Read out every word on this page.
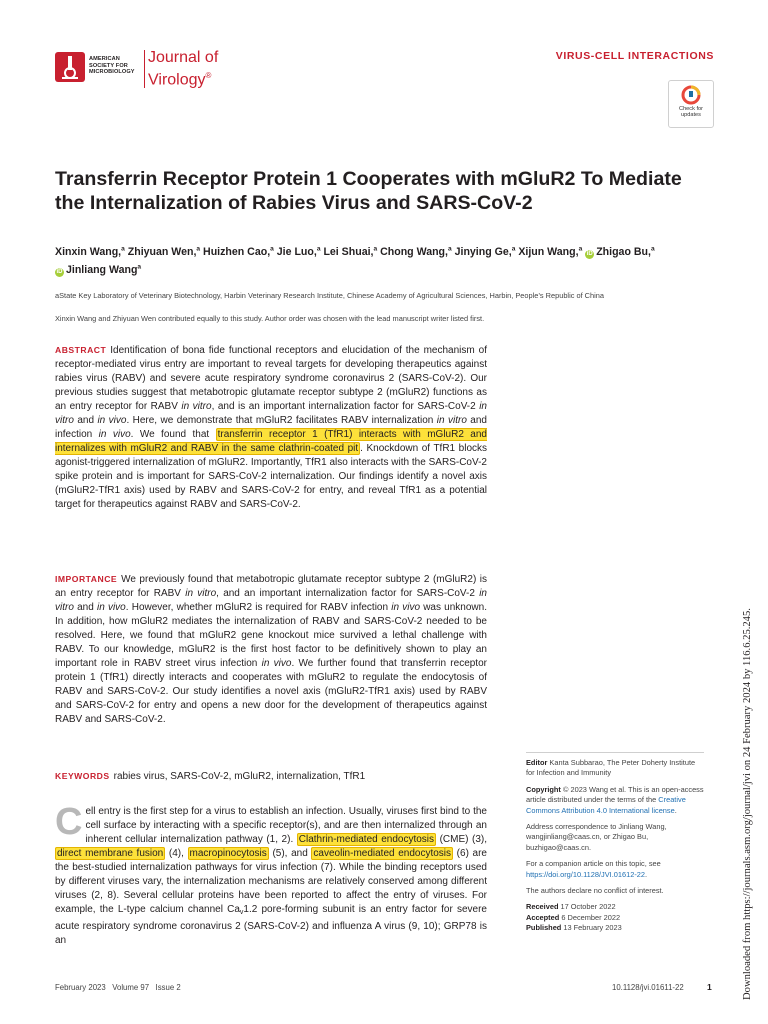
AMERICAN
SOCIETY FOR
MICROBIOLOGY
Journal of
Virology®
VIRUS-CELL INTERACTIONS
Check for
updates
Transferrin Receptor Protein 1 Cooperates with mGluR2 To Mediate the Internalization of Rabies Virus and SARS-CoV-2
Xinxin Wang,$^a$ Zhiyuan Wen,$^a$ Huizhen Cao,$^a$ Jie Luo,$^a$ Lei Shuai,$^a$ Chong Wang,$^a$ Jinying Ge,$^a$ Xijun Wang,$^a$ iD Zhigao Bu,$^a$
iD Jinliang Wang$^a$
aState Key Laboratory of Veterinary Biotechnology, Harbin Veterinary Research Institute, Chinese Academy of Agricultural Sciences, Harbin, People’s Republic of China
Xinxin Wang and Zhiyuan Wen contributed equally to this study. Author order was chosen with the lead manuscript writer listed first.
ABSTRACT Identification of bona fide functional receptors and elucidation of the mechanism of receptor-mediated virus entry are important to reveal targets for developing therapeutics against rabies virus (RABV) and severe acute respiratory syndrome coronavirus 2 (SARS-CoV-2). Our previous studies suggest that metabotropic glutamate receptor subtype 2 (mGluR2) functions as an entry receptor for RABV in vitro, and is an important internalization factor for SARS-CoV-2 in vitro and in vivo. Here, we demonstrate that mGluR2 facilitates RABV internalization in vitro and infection in vivo. We found that transferrin receptor 1 (TfR1) interacts with mGluR2 and internalizes with mGluR2 and RABV in the same clathrin-coated pit . Knockdown of TfR1 blocks agonist-triggered internalization of mGluR2. Importantly, TfR1 also interacts with the SARS-CoV-2 spike protein and is important for SARS-CoV-2 internalization. Our findings identify a novel axis (mGluR2-TfR1 axis) used by RABV and SARS-CoV-2 for entry, and reveal TfR1 as a potential target for therapeutics against RABV and SARS-CoV-2.
IMPORTANCE We previously found that metabotropic glutamate receptor subtype 2 (mGluR2) is an entry receptor for RABV in vitro, and an important internalization factor for SARS-CoV-2 in vitro and in vivo. However, whether mGluR2 is required for RABV infection in vivo was unknown. In addition, how mGluR2 mediates the internalization of RABV and SARS-CoV-2 needed to be resolved. Here, we found that mGluR2 gene knockout mice survived a lethal challenge with RABV. To our knowledge, mGluR2 is the first host factor to be definitively shown to play an important role in RABV street virus infection in vivo. We further found that transferrin receptor protein 1 (TfR1) directly interacts and cooperates with mGluR2 to regulate the endocytosis of RABV and SARS-CoV-2. Our study identifies a novel axis (mGluR2-TfR1 axis) used by RABV and SARS-CoV-2 for entry and opens a new door for the development of therapeutics against RABV and SARS-CoV-2.
KEYWORDS rabies virus, SARS-CoV-2, mGluR2, internalization, TfR1
Cell entry is the first step for a virus to establish an infection. Usually, viruses first bind to the cell surface by interacting with a specific receptor(s), and are then internalized through an inherent cellular internalization pathway (1, 2). Clathrin-mediated endocytosis (CME) (3), direct membrane fusion (4), macropinocytosis (5), and caveolin-mediated endocytosis (6) are the best-studied internalization pathways for virus infection (7). While the binding receptors used by different viruses vary, the internalization mechanisms are relatively conserved among different viruses (2, 8). Several cellular proteins have been reported to affect the entry of viruses. For example, the L-type calcium channel $Ca_v1.2$ pore-forming subunit is an entry factor for severe acute respiratory syndrome coronavirus 2 (SARS-CoV-2) and influenza A virus (9, 10); GRP78 is an

Editor Kanta Subbarao, The Peter Doherty Institute for Infection and Immunity

Copyright © 2023 Wang et al. This is an open-access article distributed under the terms of the Creative Commons Attribution 4.0 International license.

Address correspondence to Jinliang Wang, wangjinliang@caas.cn, or Zhigao Bu, buzhigao@caas.cn.

For a companion article on this topic, see https://doi.org/10.1128/JVI.01612-22.

The authors declare no conflict of interest.

Received 17 October 2022
Accepted 6 December 2022
Published 13 February 2023
February 2023   Volume 97   Issue 2	10.1128/jvi.01611-22	1	Downloaded from https://journals.asm.org/journal/jvi on 24 February 2024 by 116.6.25.245.
